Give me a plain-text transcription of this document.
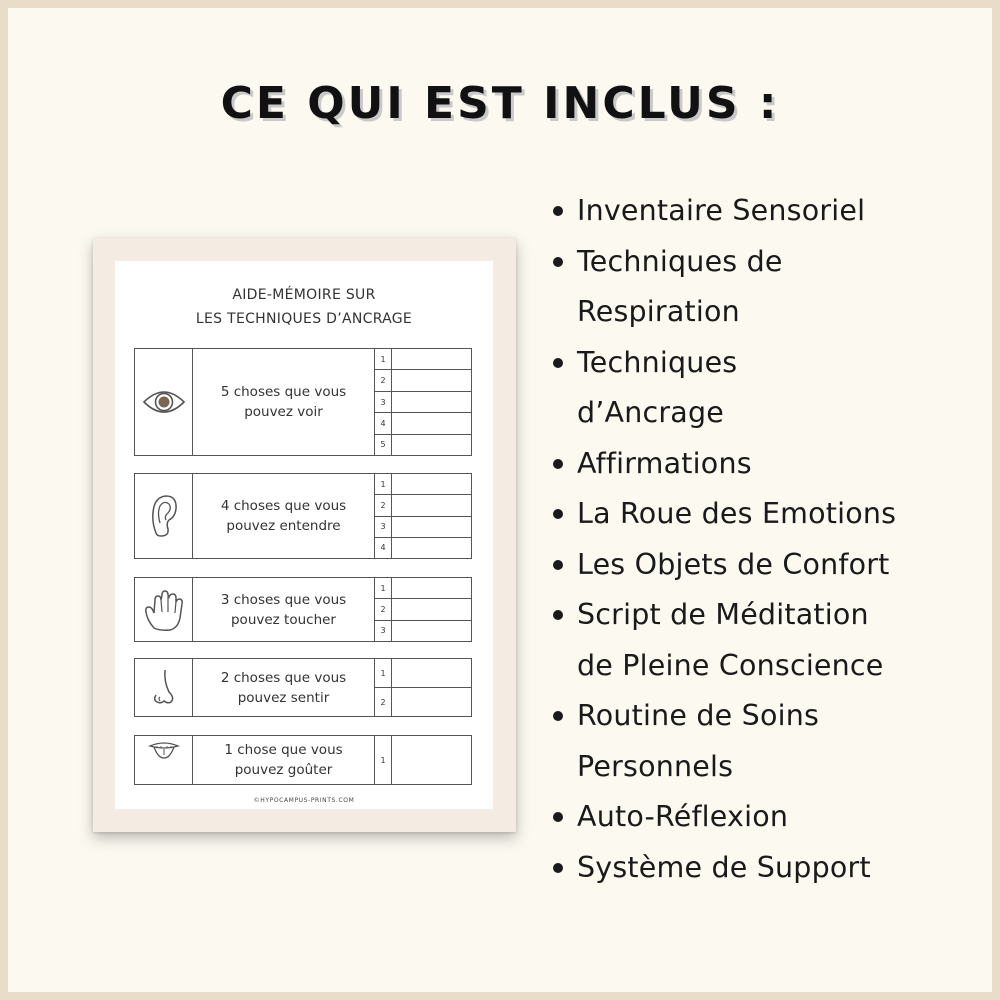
CE QUI EST INCLUS :
AIDE-MÉMOIRE SUR
LES TECHNIQUES D’ANCRAGE
5 choses que vous
pouvez voir
1
2
3
4
5
4 choses que vous
pouvez entendre
1
2
3
4
3 choses que vous
pouvez toucher
1
2
3
2 choses que vous
pouvez sentir
1
2
1 chose que vous
pouvez goûter
1
©HYPOCAMPUS-PRINTS.COM
Inventaire Sensoriel
Techniques de
Respiration
Techniques
d’Ancrage
Affirmations
La Roue des Emotions
Les Objets de Confort
Script de Méditation
de Pleine Conscience
Routine de Soins
Personnels
Auto-Réflexion
Système de Support
